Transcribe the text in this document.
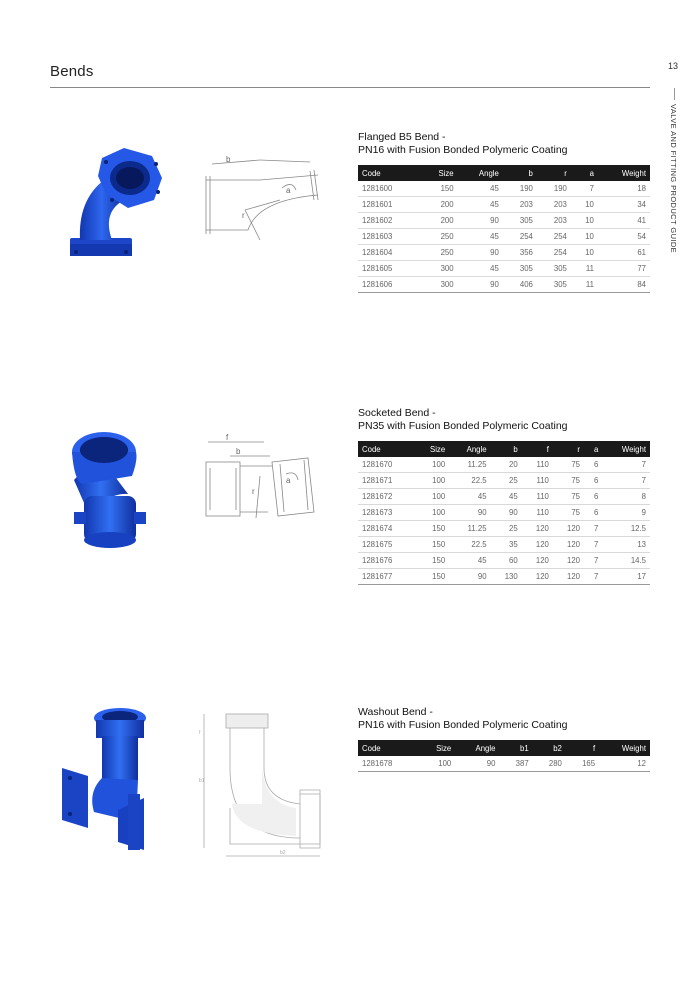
Bends	13
VALVE AND FITTING PRODUCT GUIDE
b
a
r
Flanged B5 Bend -
PN16 with Fusion Bonded Polymeric Coating
Code	Size	Angle	b	r	a	Weight
1281600	150	45	190	190	7	18
1281601	200	45	203	203	10	34
1281602	200	90	305	203	10	41
1281603	250	45	254	254	10	54
1281604	250	90	356	254	10	61
1281605	300	45	305	305	11	77
1281606	300	90	406	305	11	84
f
b
a
r
Socketed Bend -
PN35 with Fusion Bonded Polymeric Coating
Code	Size	Angle	b	f	r	a	Weight
1281670	100	11.25	20	110	75	6	7
1281671	100	22.5	25	110	75	6	7
1281672	100	45	45	110	75	6	8
1281673	100	90	90	110	75	6	9
1281674	150	11.25	25	120	120	7	12.5
1281675	150	22.5	35	120	120	7	13
1281676	150	45	60	120	120	7	14.5
1281677	150	90	130	120	120	7	17
f
b1
b2
Washout Bend -
PN16 with Fusion Bonded Polymeric Coating
Code	Size	Angle	b1	b2	f	Weight
1281678	100	90	387	280	165	12
